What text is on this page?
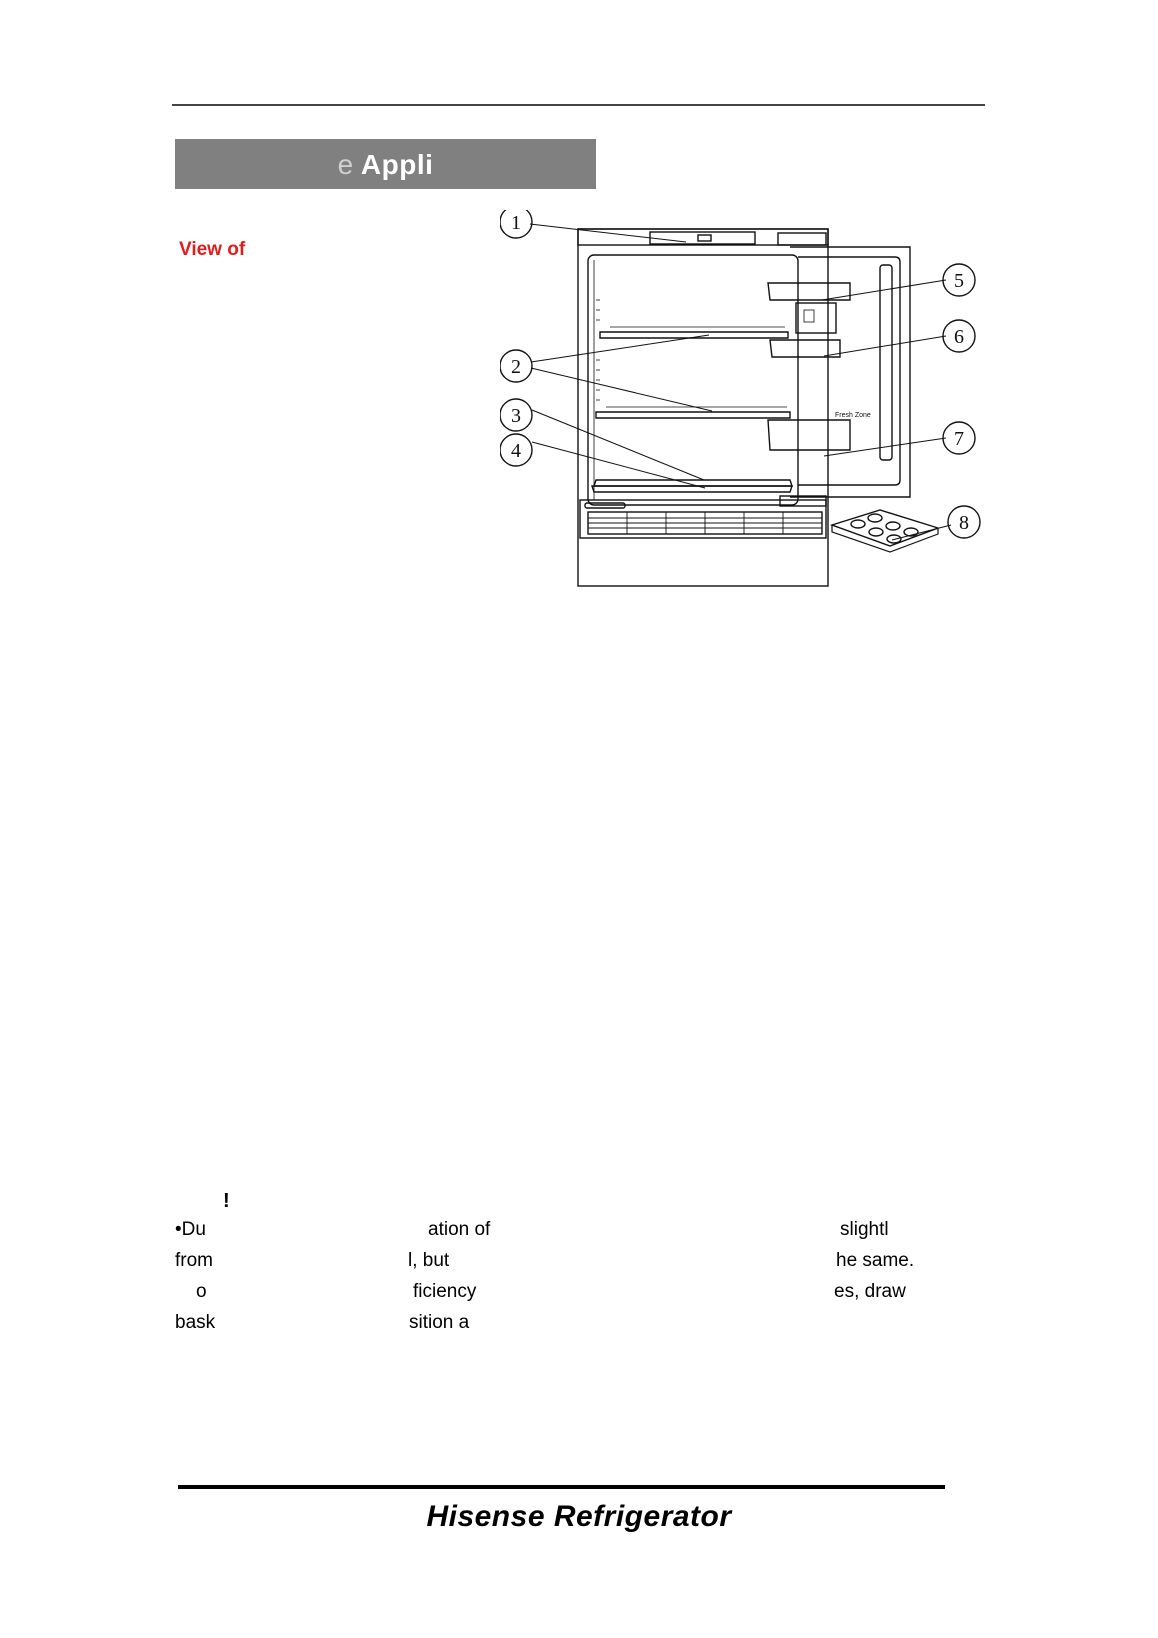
e Appli
View of
Fresh Zone
1
2
3
4
5
6
7
8
!
•Du	ation of	slightl
from	l, but	he same.
o	ficiency	es, draw
bask	sition a
Hisense Refrigerator
